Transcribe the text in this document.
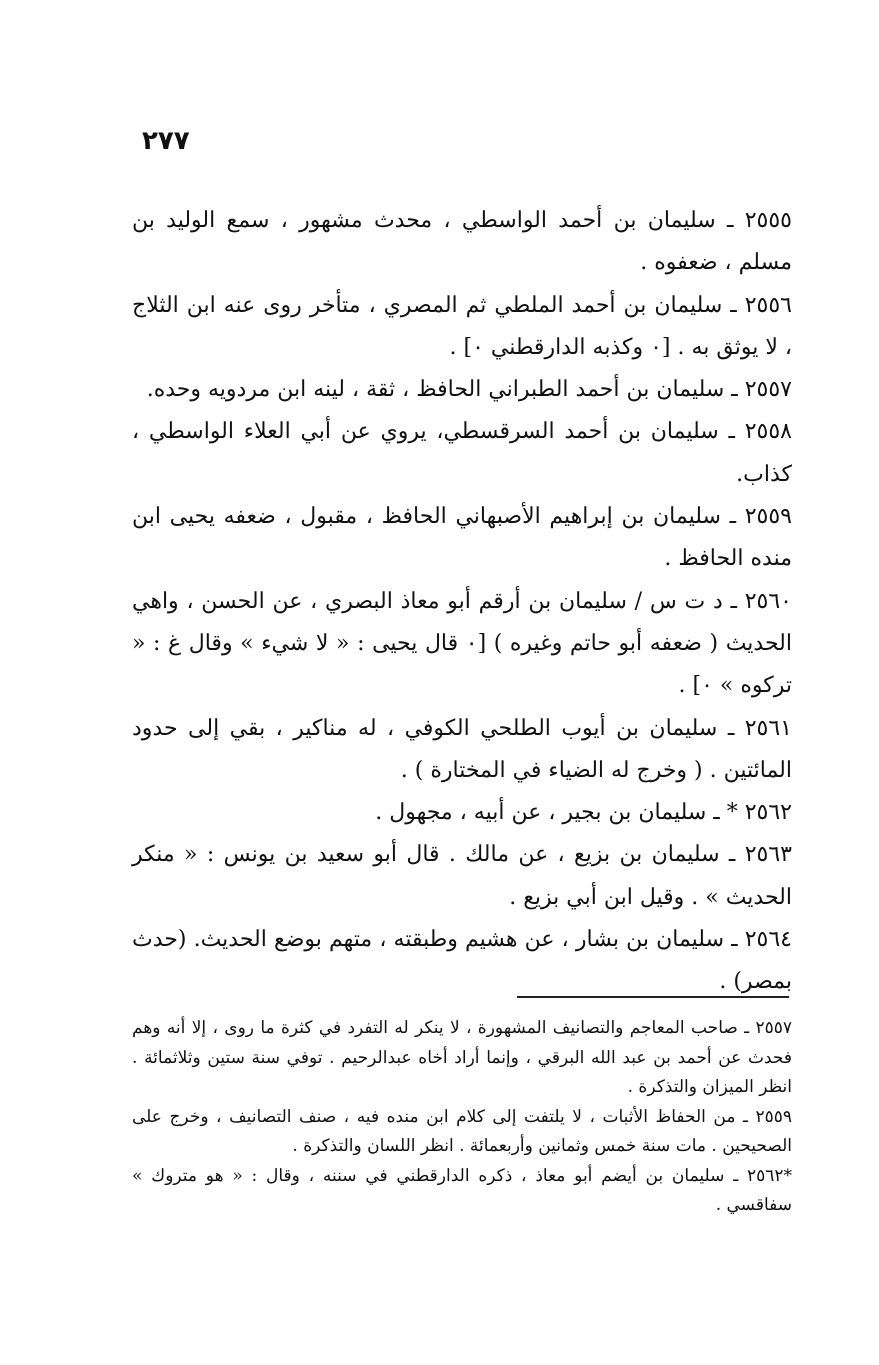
٢٧٧

٢٥٥٥ ـ سليمان بن أحمد الواسطي ، محدث مشهور ، سمع الوليد بن مسلم ، ضعفوه .

٢٥٥٦ ـ سليمان بن أحمد الملطي ثم المصري ، متأخر روى عنه ابن الثلاج ، لا يوثق به . [٠ وكذبه الدارقطني ٠] .

٢٥٥٧ ـ سليمان بن أحمد الطبراني الحافظ ، ثقة ، لينه ابن مردويه وحده.

٢٥٥٨ ـ سليمان بن أحمد السرقسطي، يروي عن أبي العلاء الواسطي ، كذاب.

٢٥٥٩ ـ سليمان بن إبراهيم الأصبهاني الحافظ ، مقبول ، ضعفه يحيى ابن منده الحافظ .

٢٥٦٠ ـ د ت س / سليمان بن أرقم أبو معاذ البصري ، عن الحسن ، واهي الحديث ( ضعفه أبو حاتم وغيره ) [٠ قال يحيى : « لا شيء » وقال غ : « تركوه » ٠] .

٢٥٦١ ـ سليمان بن أيوب الطلحي الكوفي ، له مناكير ، بقي إلى حدود المائتين . ( وخرج له الضياء في المختارة ) .

٢٥٦٢ * ـ سليمان بن بجير ، عن أبيه ، مجهول .

٢٥٦٣ ـ سليمان بن بزيع ، عن مالك . قال أبو سعيد بن يونس : « منكر الحديث » . وقيل ابن أبي بزيع .

٢٥٦٤ ـ سليمان بن بشار ، عن هشيم وطبقته ، متهم بوضع الحديث. (حدث بمصر) .

٢٥٥٧ ـ صاحب المعاجم والتصانيف المشهورة ، لا ينكر له التفرد في كثرة ما روى ، إلا أنه وهم فحدث عن أحمد بن عبد الله البرقي ، وإنما أراد أخاه عبدالرحيم . توفي سنة ستين وثلاثمائة . انظر الميزان والتذكرة .

٢٥٥٩ ـ من الحفاظ الأثبات ، لا يلتفت إلى كلام ابن منده فيه ، صنف التصانيف ، وخرج على الصحيحين . مات سنة خمس وثمانين وأربعمائة . انظر اللسان والتذكرة .

*٢٥٦٢ ـ سليمان بن أيضم أبو معاذ ، ذكره الدارقطني في سننه ، وقال : « هو متروك » سفاقسي .
